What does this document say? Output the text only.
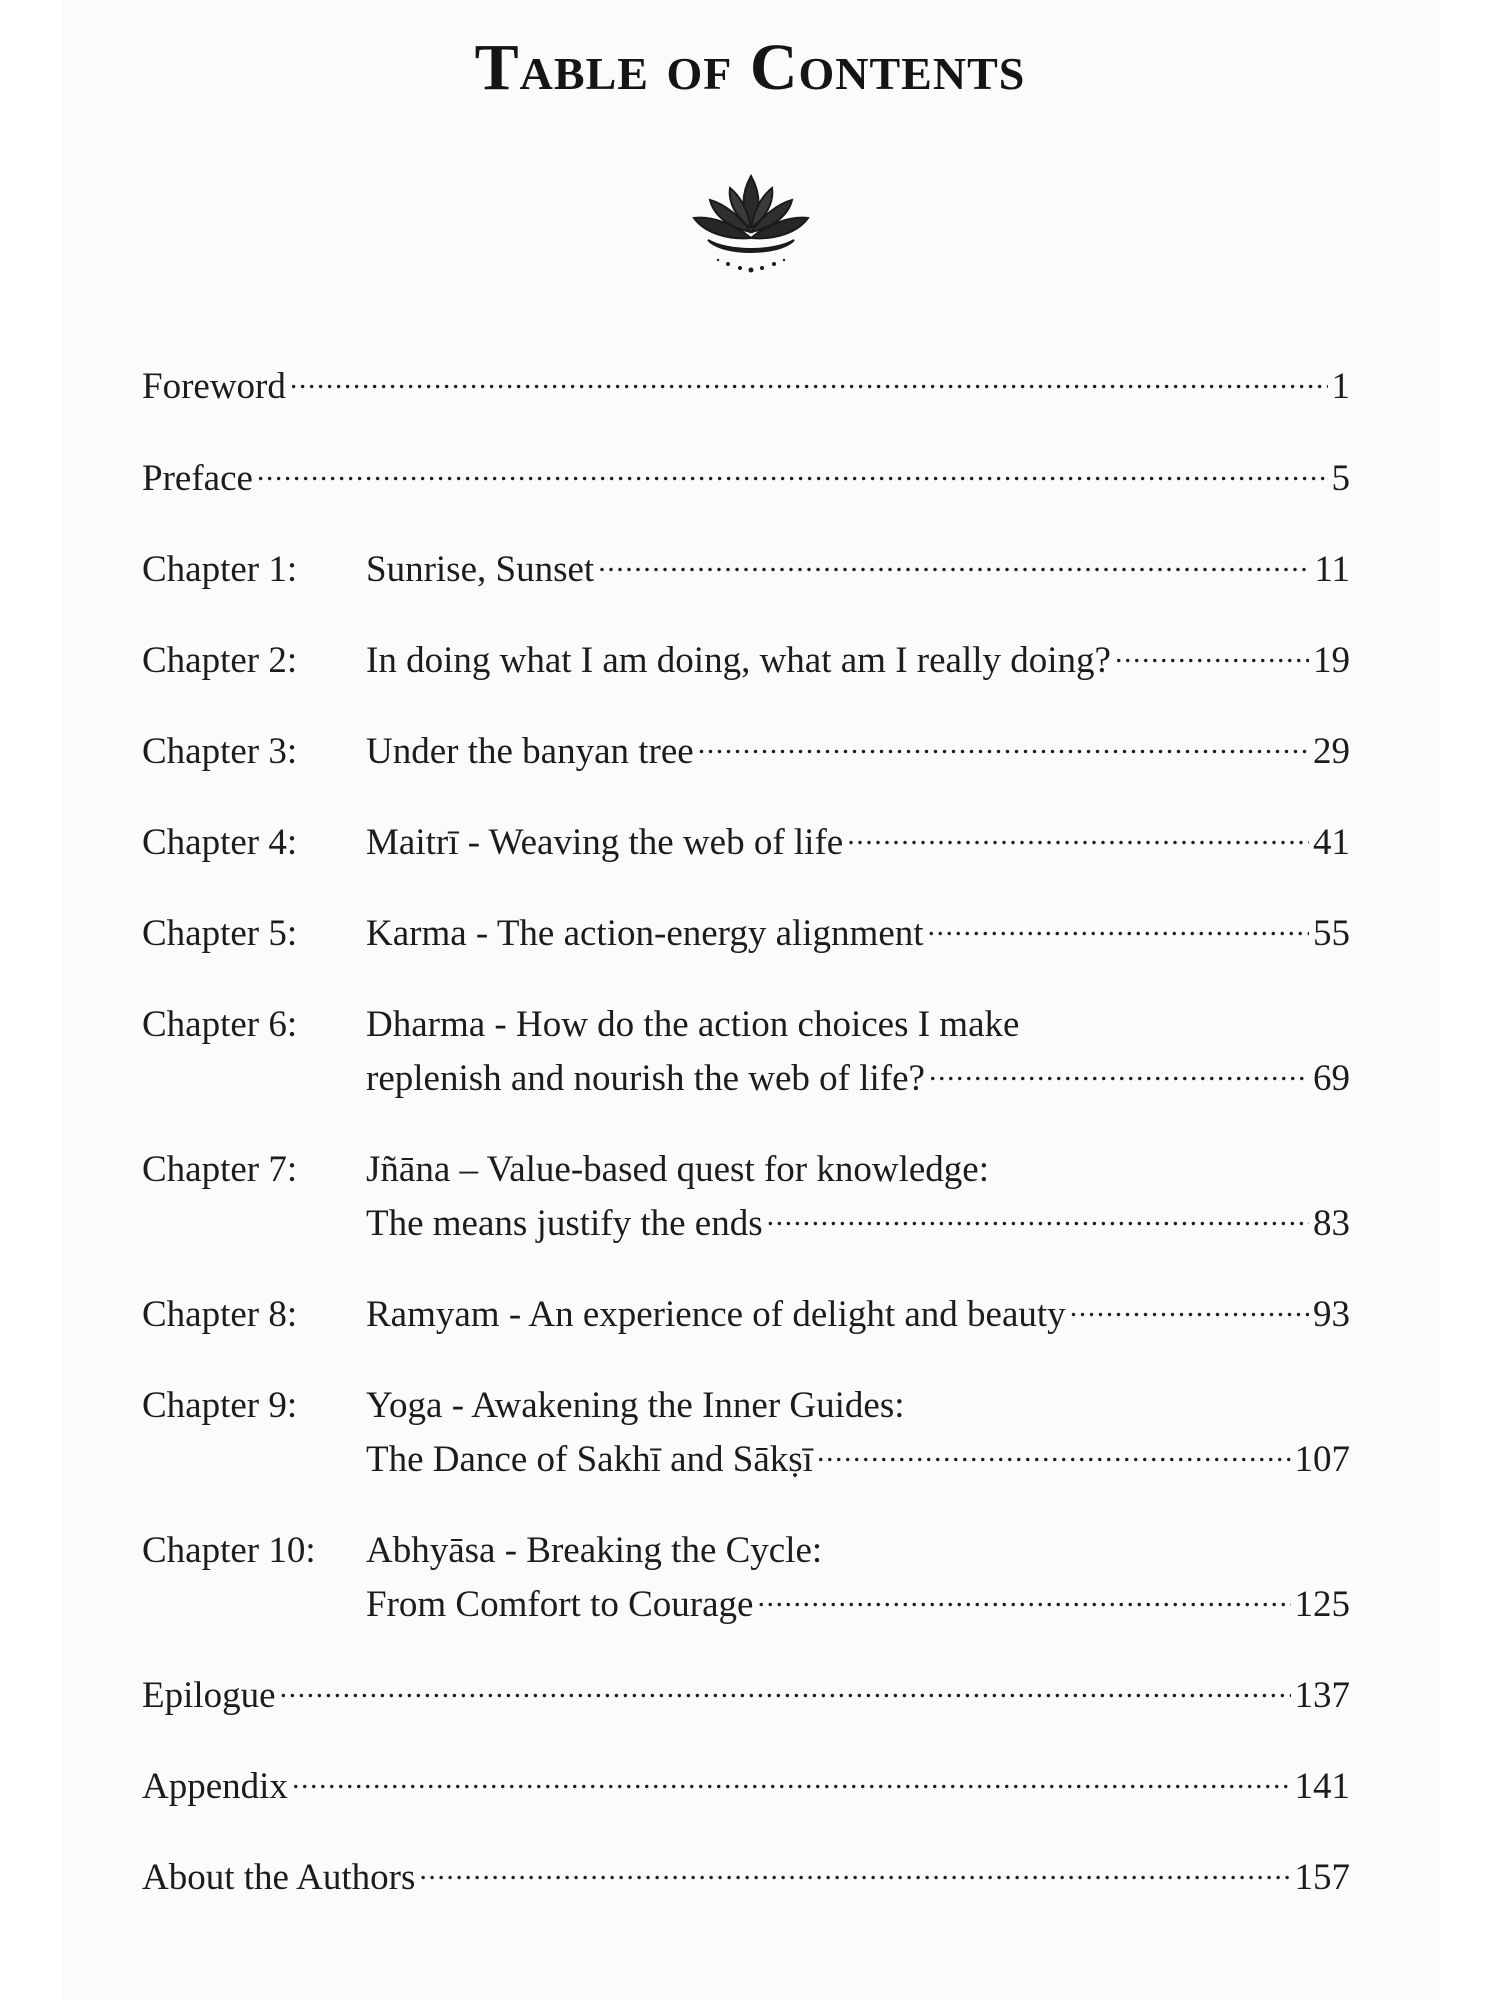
Table of Contents
Foreword . . .	1
Preface . . .	5
Chapter 1:	Sunrise, Sunset . . .	11
Chapter 2:	In doing what I am doing, what am I really doing? . . .	19
Chapter 3:	Under the banyan tree . . .	29
Chapter 4:	Maitrī - Weaving the web of life . . .	41
Chapter 5:	Karma - The action-energy alignment . . .	55
Chapter 6:	Dharma - How do the action choices I make
replenish and nourish the web of life? . . .	69
Chapter 7:	Jñāna – Value-based quest for knowledge:
The means justify the ends . . .	83
Chapter 8:	Ramyam - An experience of delight and beauty . . .	93
Chapter 9:	Yoga - Awakening the Inner Guides:
The Dance of Sakhī and Sākṣī . . .	107
Chapter 10:	Abhyāsa - Breaking the Cycle:
From Comfort to Courage . . .	125
Epilogue . . .	137
Appendix . . .	141
About the Authors . . .	157
